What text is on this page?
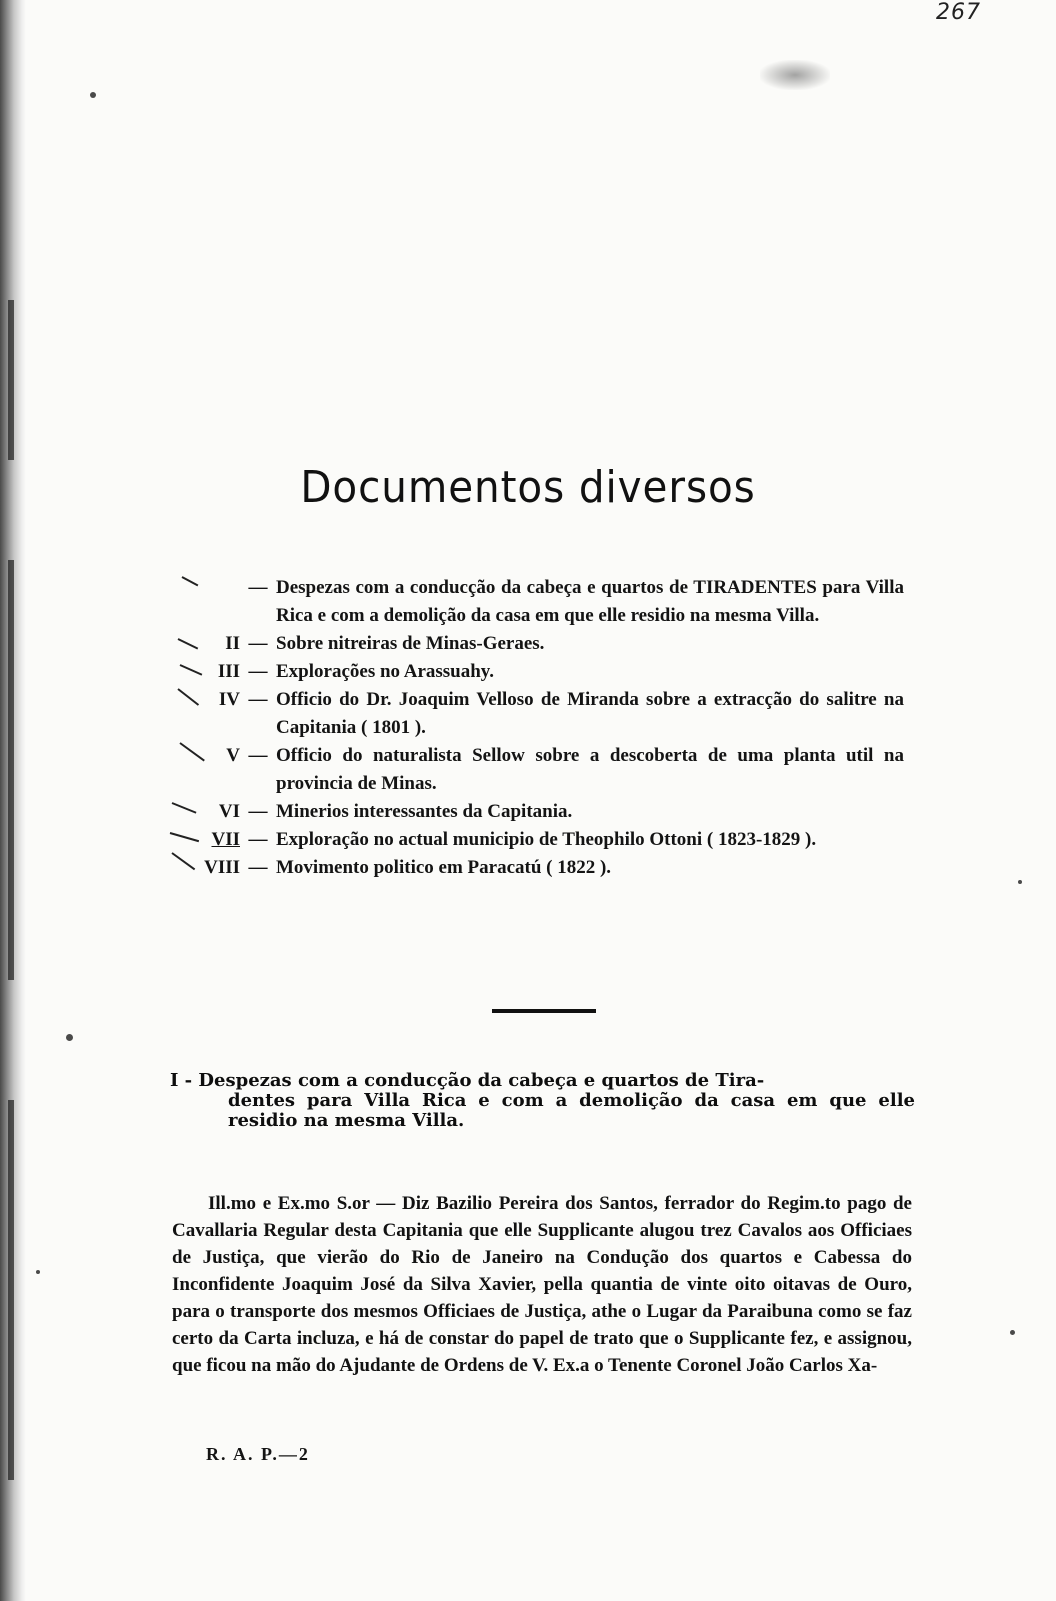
267
Documentos diversos
— Despezas com a conducção da cabeça e quartos de TIRADENTES para Villa Rica e com a demolição da casa em que elle residio na mesma Villa.
II — Sobre nitreiras de Minas-Geraes.
III — Explorações no Arassuahy.
IV — Officio do Dr. Joaquim Velloso de Miranda sobre a extracção do salitre na Capitania ( 1801 ).
V — Officio do naturalista Sellow sobre a descoberta de uma planta util na provincia de Minas.
VI — Minerios interessantes da Capitania.
VII — Exploração no actual municipio de Theophilo Ottoni ( 1823-1829 ).
VIII — Movimento politico em Paracatú ( 1822 ).
I - Despezas com a conducção da cabeça e quartos de Tira-
dentes para Villa Rica e com a demolição da casa em que elle residio na mesma Villa.
Ill.mo e Ex.mo S.or — Diz Bazilio Pereira dos Santos, ferrador do Regim.to pago de Cavallaria Regular desta Capitania que elle Supplicante alugou trez Cavalos aos Officiaes de Justiça, que vierão do Rio de Janeiro na Condução dos quartos e Cabessa do Inconfidente Joaquim José da Silva Xavier, pella quantia de vinte oito oitavas de Ouro, para o transporte dos mesmos Officiaes de Justiça, athe o Lugar da Paraibuna como se faz certo da Carta incluza, e há de constar do papel de trato que o Supplicante fez, e assignou, que ficou na mão do Ajudante de Ordens de V. Ex.a o Tenente Coronel João Carlos Xa-
R. A. P.—2
